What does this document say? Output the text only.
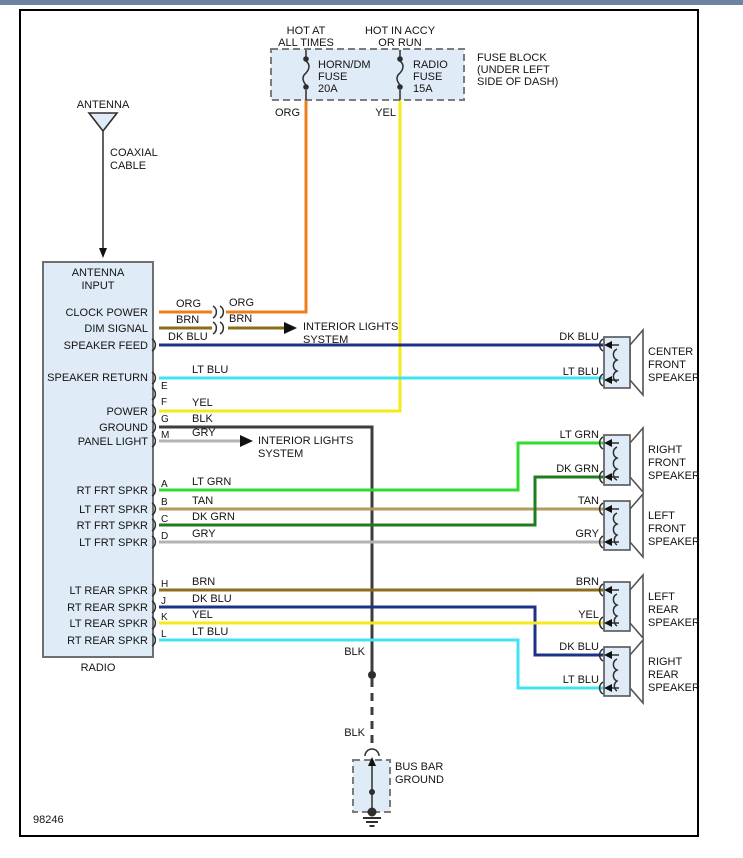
HOT AT
ALL TIMES
HOT IN ACCY
OR RUN
HORN/DM
FUSE
20A
RADIO
FUSE
15A
FUSE BLOCK
(UNDER LEFT
SIDE OF DASH)
ORG	YEL
ANTENNA
COAXIAL
CABLE
ANTENNA
INPUT
RADIO
CLOCK POWER
DIM SIGNAL
SPEAKER FEED
SPEAKER RETURN
POWER
GROUND
PANEL LIGHT
RT FRT SPKR
LT FRT SPKR
RT FRT SPKR
LT FRT SPKR
LT REAR SPKR
RT REAR SPKR
LT REAR SPKR
RT REAR SPKR
ORG	ORG
BRN	BRN
DK BLU
LT BLU
YEL
BLK
GRY
LT GRN
TAN
DK GRN
GRY
BRN
DK BLU
YEL
LT BLU
E
F
G
M
A
B
C
D
H
J
K
L
INTERIOR LIGHTS
SYSTEM
INTERIOR LIGHTS
SYSTEM
DK BLU
LT BLU
CENTER
FRONT
SPEAKER
LT GRN
DK GRN
RIGHT
FRONT
SPEAKER
TAN
GRY
LEFT
FRONT
SPEAKER
BRN
YEL
LEFT
REAR
SPEAKER
DK BLU
LT BLU
RIGHT
REAR
SPEAKER
BLK
BLK
BUS BAR
GROUND
98246
